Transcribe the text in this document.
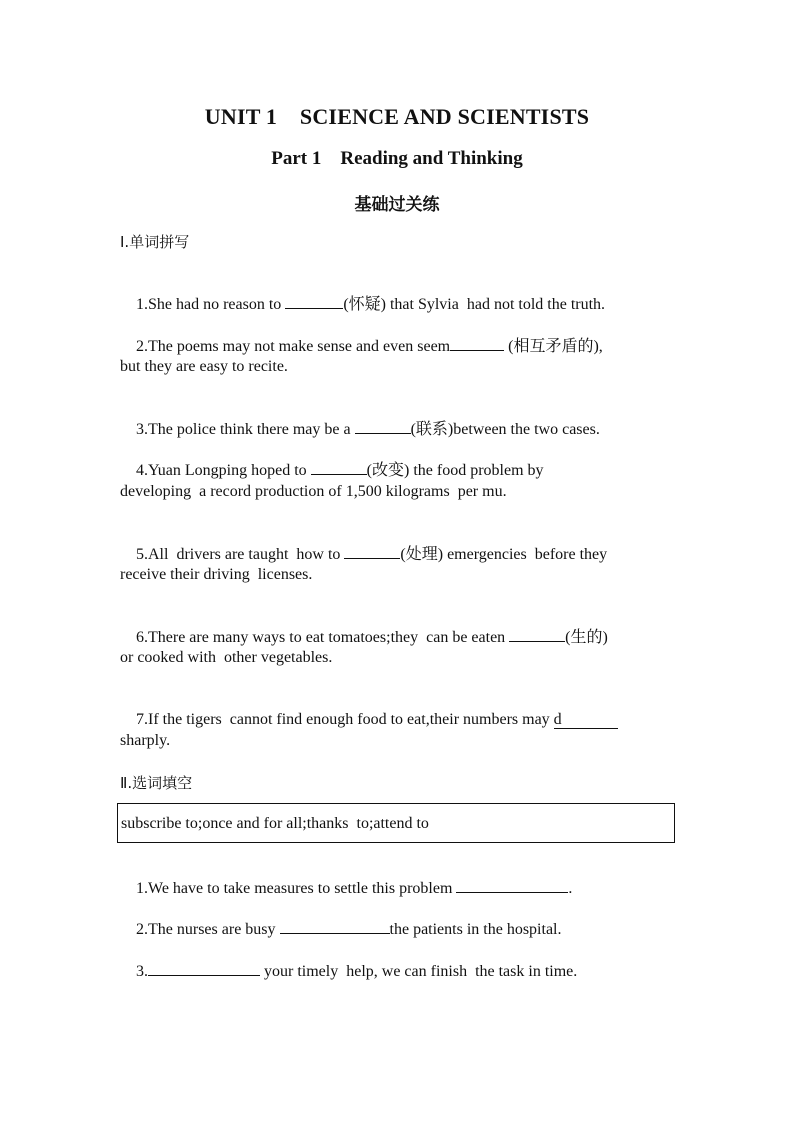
UNIT 1    SCIENCE AND SCIENTISTS
Part 1    Reading and Thinking
基础过关练
Ⅰ.单词拼写

1.She had no reason to	(怀疑) that Sylvia  had not told the truth.

2.The poems may not make sense and even seem	(相互矛盾的),

but they are easy to recite.

3.The police think there may be a	(联系)between the two cases.

4.Yuan Longping hoped to	(改变) the food problem by

developing  a record production of 1,500 kilograms  per mu.

5.All  drivers are taught  how to	(处理) emergencies  before they

receive their driving  licenses.

6.There are many ways to eat tomatoes;they  can be eaten	(生的)

or cooked with  other vegetables.

7.If the tigers  cannot find enough food to eat,their numbers may d

sharply.
Ⅱ.选词填空
subscribe to;once and for all;thanks  to;attend to

1.We have to take measures to settle this problem	.

2.The nurses are busy	the patients in the hospital.

3.	your timely  help, we can finish  the task in time.
